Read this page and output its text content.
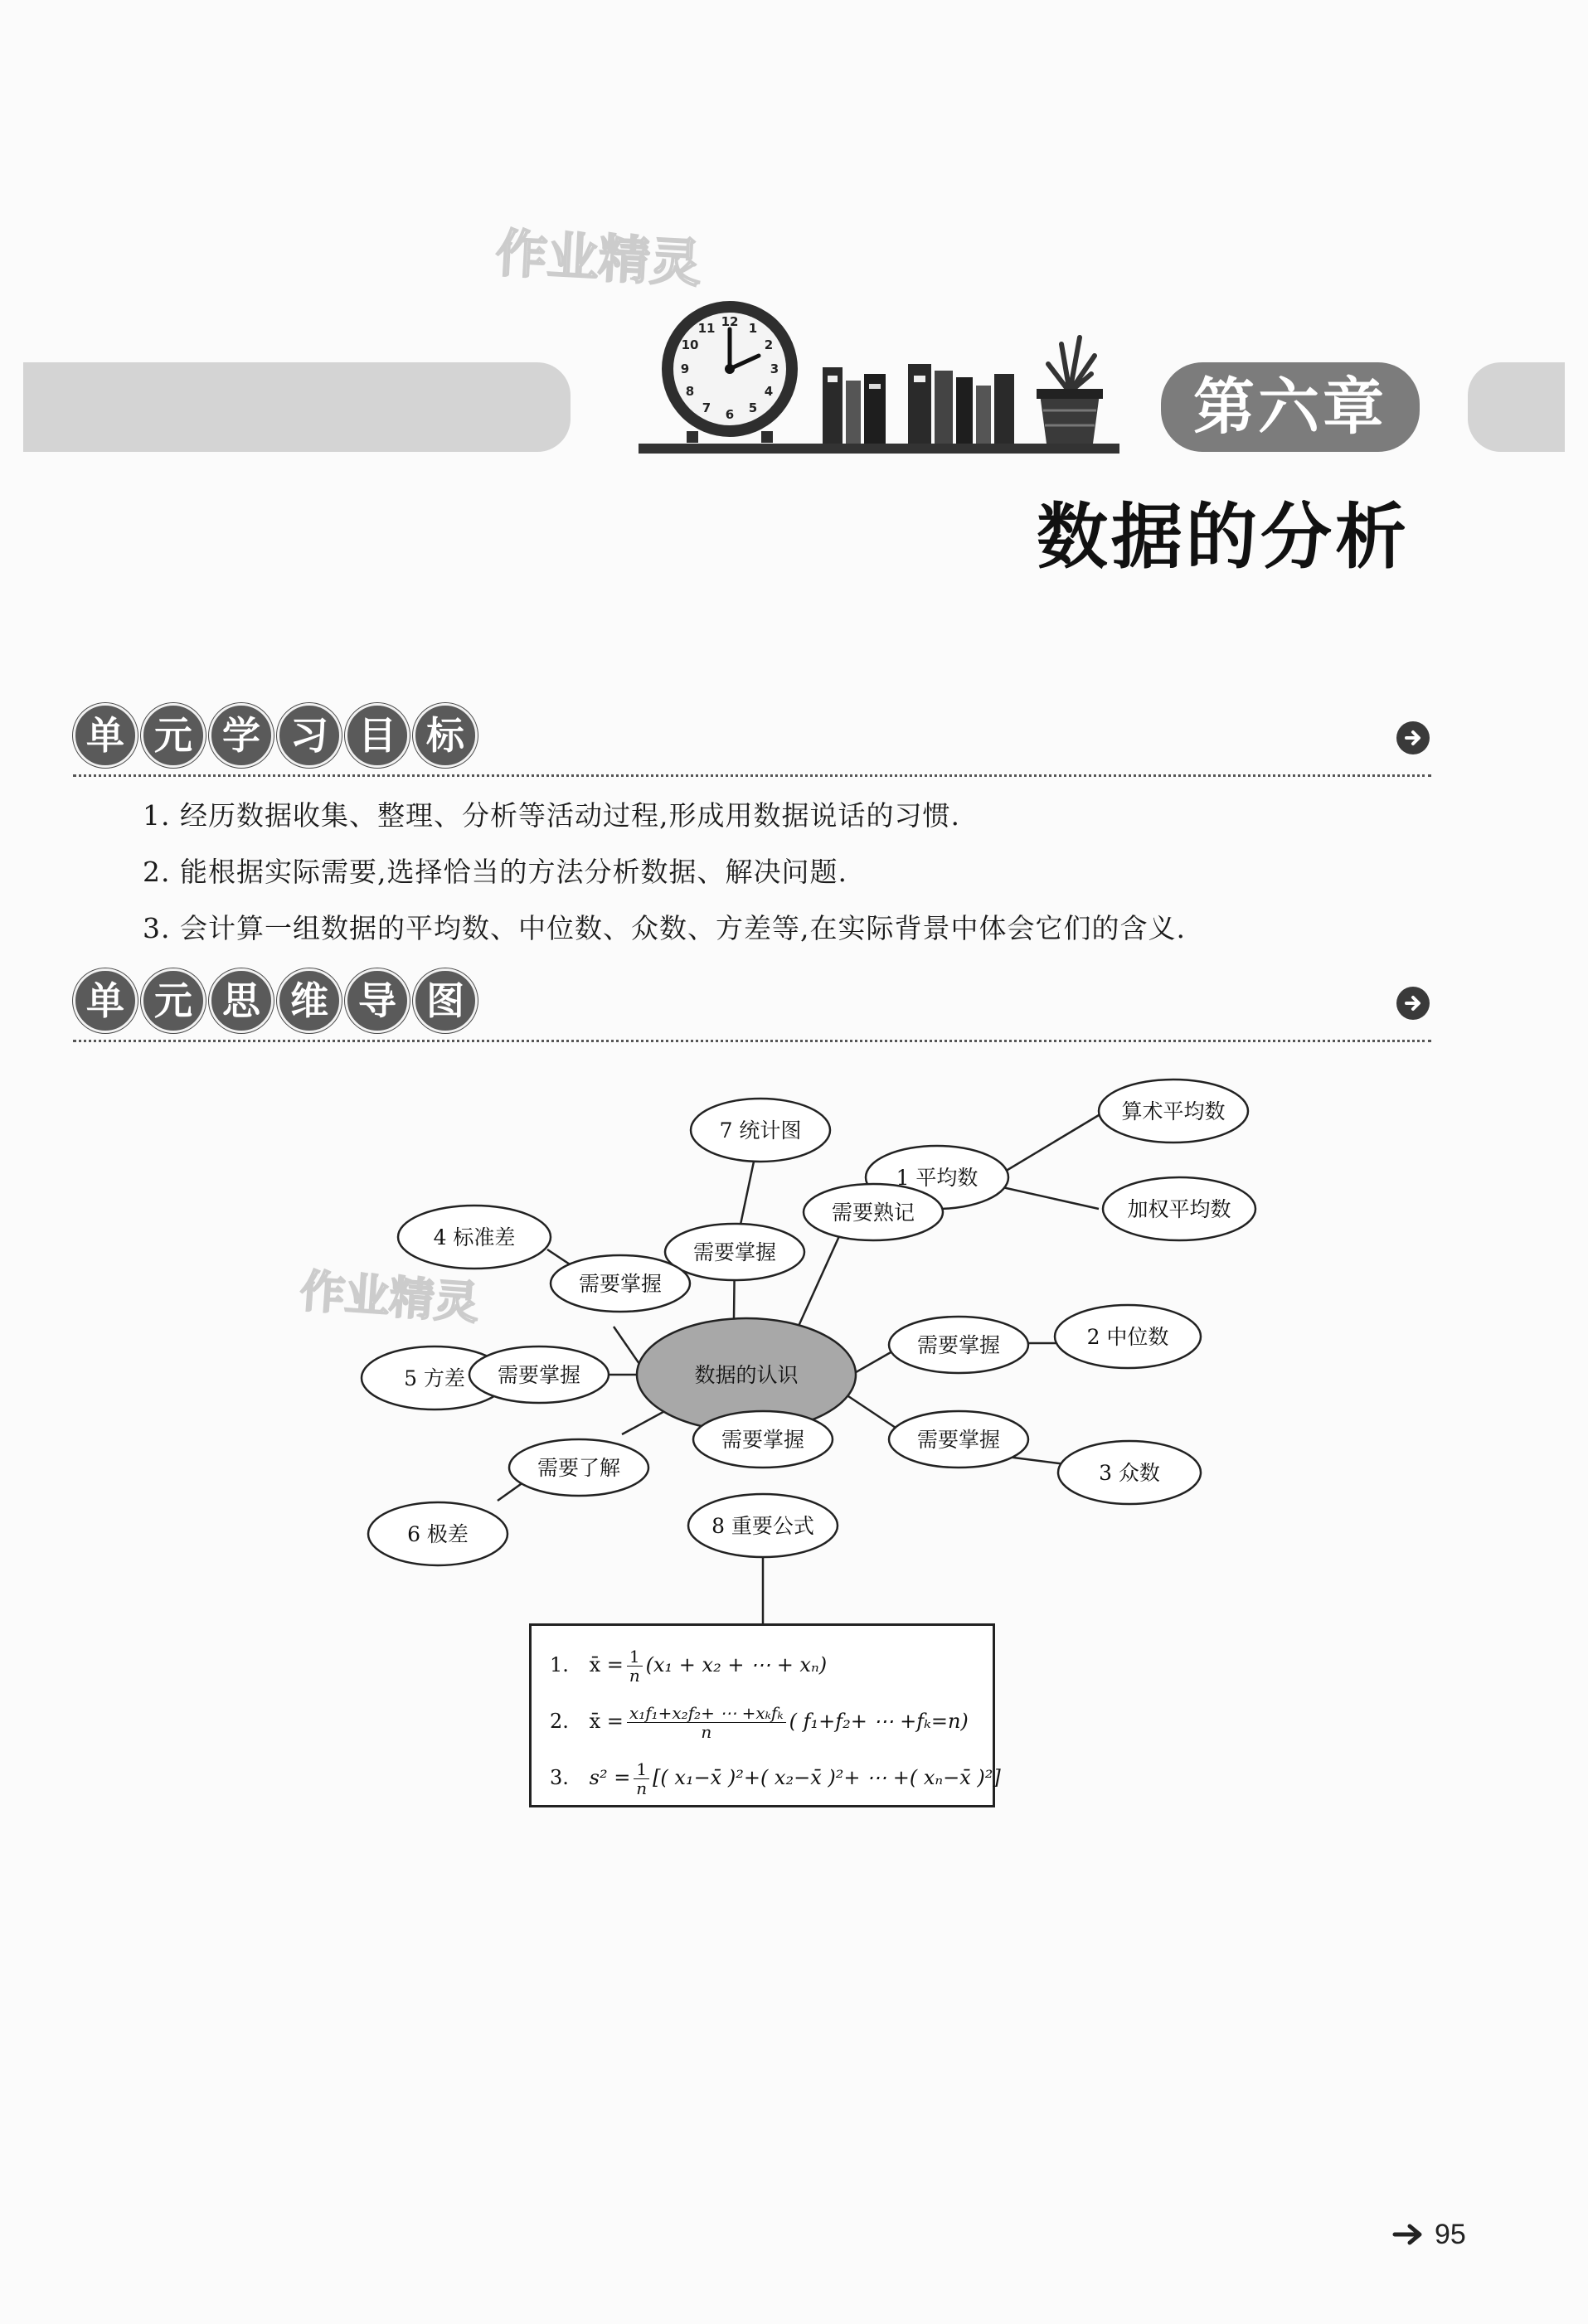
作业精灵
作业精灵
12 1
2
3
4
5
6
7
8
9
10
11
第六章
数据的分析
单 元 学 习 目 标
1. 经历数据收集、整理、分析等活动过程,形成用数据说话的习惯.
2. 能根据实际需要,选择恰当的方法分析数据、解决问题.
3. 会计算一组数据的平均数、中位数、众数、方差等,在实际背景中体会它们的含义.
单 元 思 维 导 图
数据的认识
7 统计图
需要掌握
1 平均数
需要熟记
算术平均数
加权平均数
4 标准差
需要掌握
5 方差 需要掌握
2 中位数
需要掌握
3 众数
需要掌握
6 极差
需要了解
需要掌握
8 重要公式
1. x̄ = $\frac{1}{n} (x_1 + x_2$ + ⋯ + xₙ)
2. x̄ = $\frac{\text{x₁f₁+x₂f₂+ ⋯ +xₖfₖ}}{n}$ ( f₁+f₂+ ⋯ +fₖ=n)
3. $s^2 = \frac{1}{n}$ [( x₁−x̄ )²+( x₂−x̄ )²+ ⋯ +( xₙ−x̄ )²]
95
